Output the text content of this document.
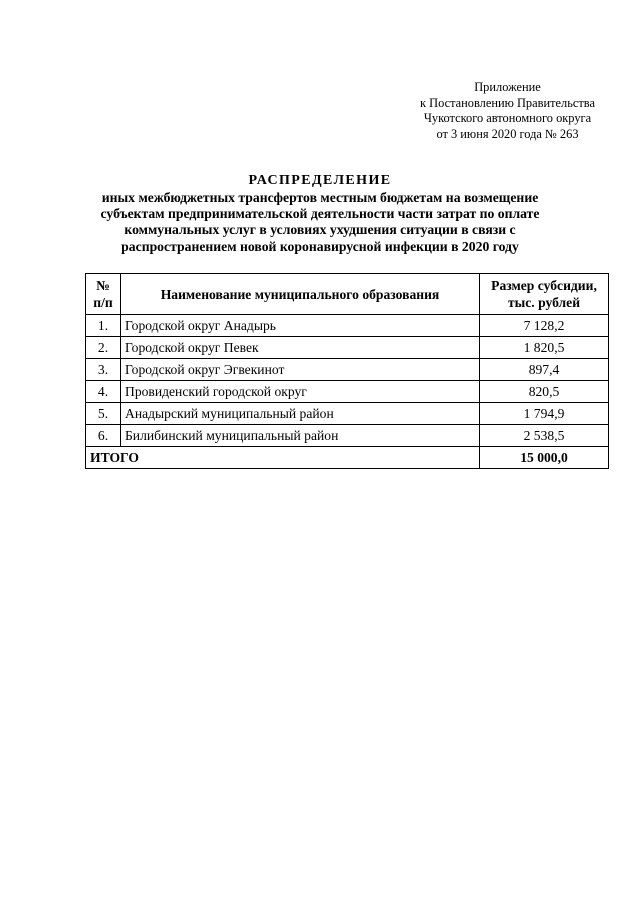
Приложение
к Постановлению Правительства
Чукотского автономного округа
от 3 июня 2020 года № 263
РАСПРЕДЕЛЕНИЕ
иных межбюджетных трансфертов местным бюджетам на возмещение
субъектам предпринимательской деятельности части затрат по оплате
коммунальных услуг в условиях ухудшения ситуации в связи с
распространением новой коронавирусной инфекции в 2020 году
№
п/п	Наименование муниципального образования	Размер субсидии,
тыс. рублей
1.	Городской округ Анадырь	7 128,2
2.	Городской округ Певек	1 820,5
3.	Городской округ Эгвекинот	897,4
4.	Провиденский городской округ	820,5
5.	Анадырский муниципальный район	1 794,9
6.	Билибинский муниципальный район	2 538,5
ИТОГО		15 000,0
